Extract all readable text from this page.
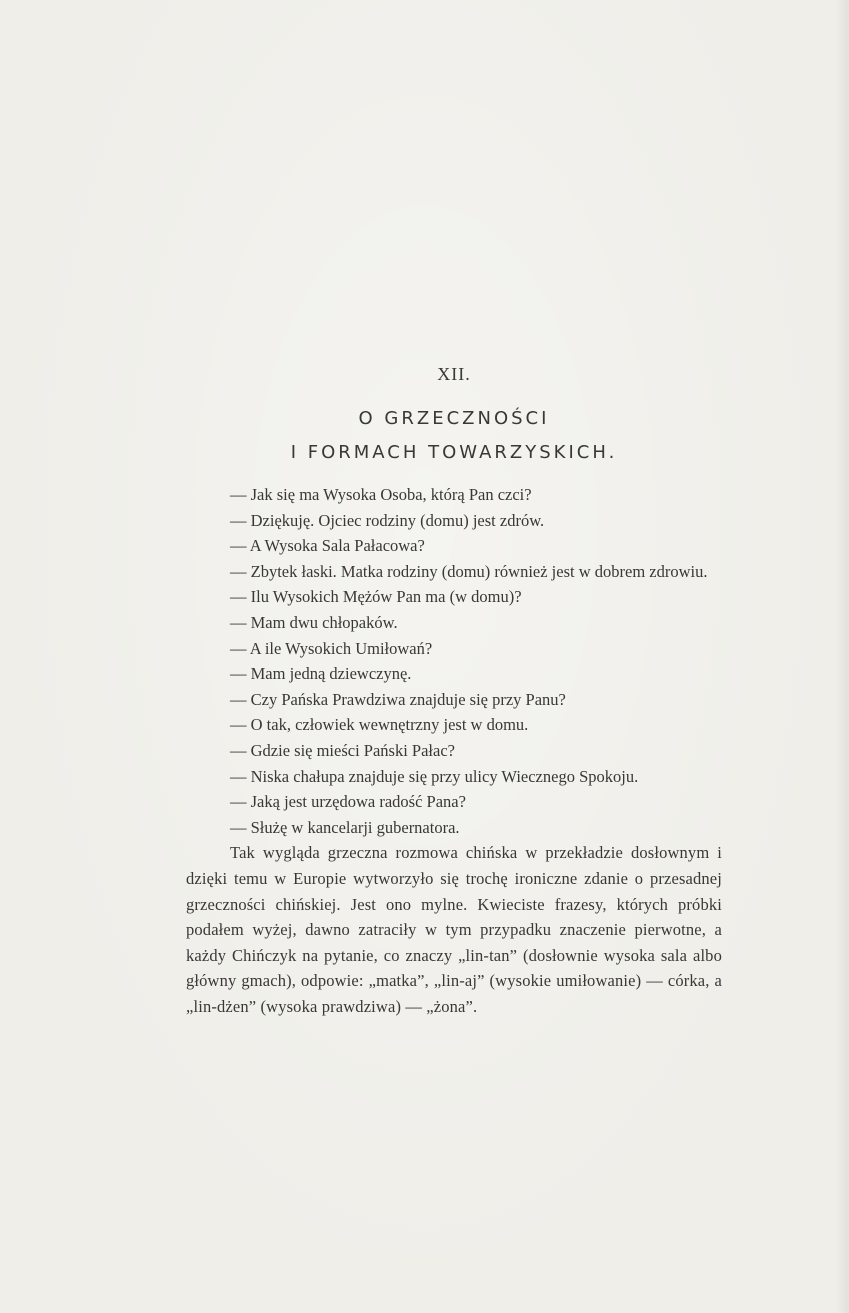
XII.
O GRZECZNOŚCI
I FORMACH TOWARZYSKICH.

— Jak się ma Wysoka Osoba, którą Pan czci?

— Dziękuję. Ojciec rodziny (domu) jest zdrów.

— A Wysoka Sala Pałacowa?

— Zbytek łaski. Matka rodziny (domu) również jest w dobrem zdrowiu.

— Ilu Wysokich Mężów Pan ma (w domu)?

— Mam dwu chłopaków.

— A ile Wysokich Umiłowań?

— Mam jedną dziewczynę.

— Czy Pańska Prawdziwa znajduje się przy Panu?

— O tak, człowiek wewnętrzny jest w domu.

— Gdzie się mieści Pański Pałac?

— Niska chałupa znajduje się przy ulicy Wiecznego Spokoju.

— Jaką jest urzędowa radość Pana?

— Służę w kancelarji gubernatora.

Tak wygląda grzeczna rozmowa chińska w przekładzie dosłownym i dzięki temu w Europie wytworzyło się trochę ironiczne zdanie o przesadnej grzeczności chińskiej. Jest ono mylne. Kwieciste frazesy, których próbki podałem wyżej, dawno zatraciły w tym przypadku znaczenie pierwotne, a każdy Chińczyk na pytanie, co znaczy „lin-tan” (dosłownie wysoka sala albo główny gmach), odpowie: „matka”, „lin-aj” (wysokie umiłowanie) — córka, a „lin-dżen” (wysoka prawdziwa) — „żona”.
